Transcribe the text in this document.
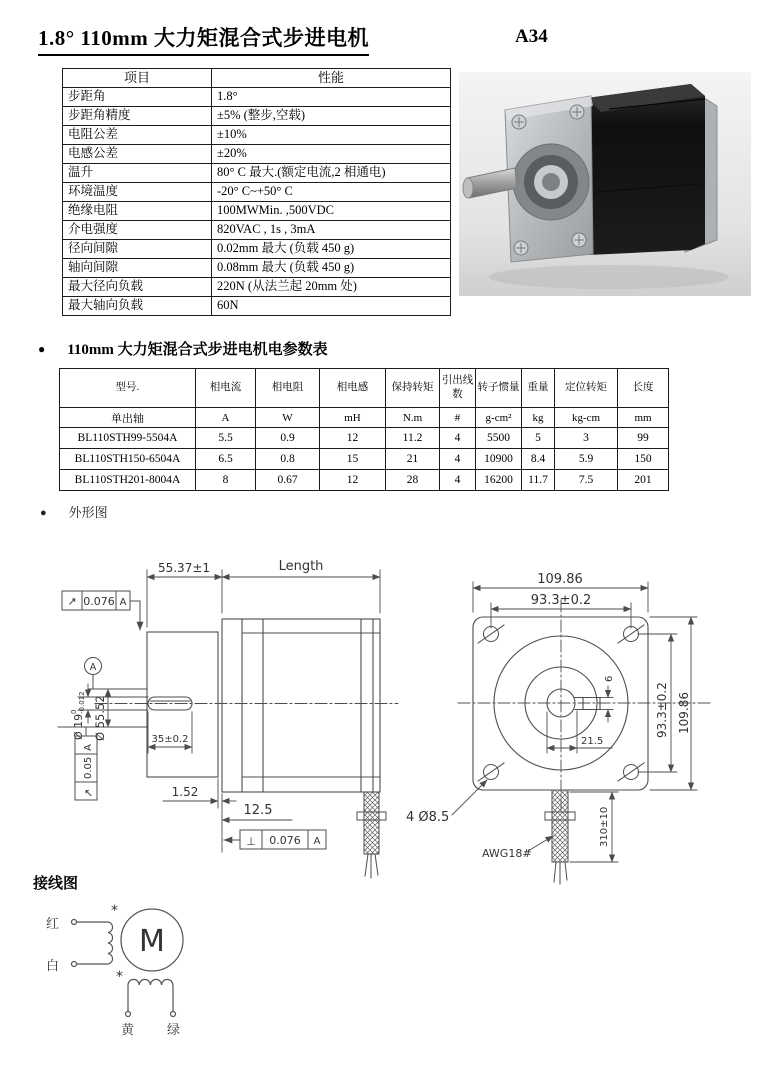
1.8° 110mm 大力矩混合式步进电机	A34
项目	性能
步距角	1.8°
步距角精度	±5% (整步,空载)
电阻公差	±10%
电感公差	±20%
温升	80° C 最大.(额定电流,2 相通电)
环境温度	-20° C~+50° C
绝缘电阻	100MWMin. ,500VDC
介电强度	820VAC , 1s , 3mA
径向间隙	0.02mm 最大 (负载 450 g)
轴向间隙	0.08mm 最大 (负载 450 g)
最大径向负载	220N (从法兰起 20mm 处)
最大轴向负载	60N
● 110mm 大力矩混合式步进电机电参数表
型号.	相电流	相电阻	相电感	保持转矩	引出线数	转子惯量	重量	定位转矩	长度
单出轴	A	W	mH	N.m	#	g-cm²	kg	kg-cm	mm
BL110STH99-5504A	5.5	0.9	12	11.2	4	5500	5	3	99
BL110STH150-6504A	6.5	0.8	15	21	4	10900	8.4	5.9	150
BL110STH201-8004A	8	0.67	12	28	4	16200	11.7	7.5	201
● 外形图
55.37±1	Length
↗ 0.076 A
A
Ø 19
0 -0.012 Ø 55.52
A
0.05
↗
35±0.2
1.52
12.5
⊥ 0.076 A
109.86
93.3±0.2
93.3±0.2 109.86
6
21.5
4 Ø8.5	310±10
AWG18#
接线图
M
*
*
红
白
黄	绿
